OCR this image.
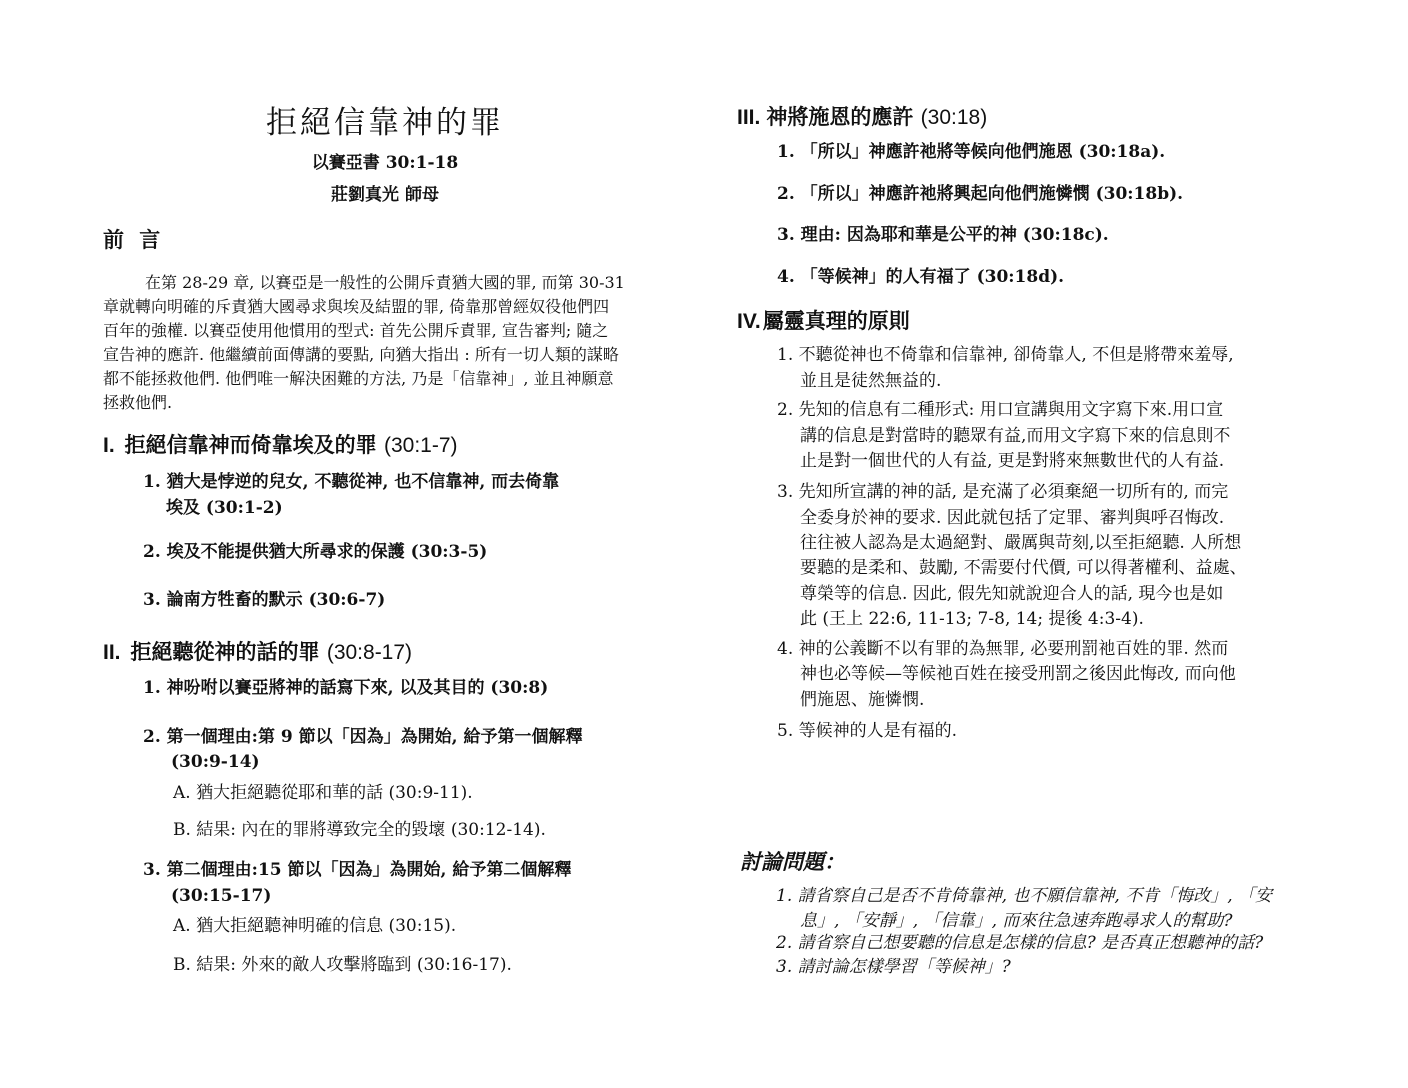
拒絕信靠神的罪
以賽亞書 30:1-18
莊劉真光 師母
前 言
在第 28-29 章, 以賽亞是一般性的公開斥責猶大國的罪, 而第 30-31
章就轉向明確的斥責猶大國尋求與埃及結盟的罪, 倚靠那曾經奴役他們四
百年的強權. 以賽亞使用他慣用的型式: 首先公開斥責罪, 宣告審判; 隨之
宣告神的應許. 他繼續前面傳講的要點, 向猶大指出 : 所有一切人類的謀略
都不能拯救他們. 他們唯一解決困難的方法, 乃是「信靠神」, 並且神願意
拯救他們.
I. 拒絕信靠神而倚靠埃及的罪 (30:1-7)
1. 猶大是悖逆的兒女, 不聽從神, 也不信靠神, 而去倚靠
埃及 (30:1-2)
2. 埃及不能提供猶大所尋求的保護 (30:3-5)
3. 論南方牲畜的默示 (30:6-7)
II. 拒絕聽從神的話的罪 (30:8-17)
1. 神吩咐以賽亞將神的話寫下來, 以及其目的 (30:8)
2. 第一個理由:第 9 節以「因為」為開始, 給予第一個解釋
(30:9-14)
A. 猶大拒絕聽從耶和華的話 (30:9-11).
B. 結果: 內在的罪將導致完全的毀壞 (30:12-14).
3. 第二個理由:15 節以「因為」為開始, 給予第二個解釋
(30:15-17)
A. 猶大拒絕聽神明確的信息 (30:15).
B. 結果: 外來的敵人攻擊將臨到 (30:16-17).
III. 神將施恩的應許 (30:18)
1. 「所以」神應許祂將等候向他們施恩 (30:18a).
2. 「所以」神應許祂將興起向他們施憐憫 (30:18b).
3. 理由: 因為耶和華是公平的神 (30:18c).
4. 「等候神」的人有福了 (30:18d).
IV.屬靈真理的原則
1. 不聽從神也不倚靠和信靠神, 卻倚靠人, 不但是將帶來羞辱,
並且是徒然無益的.
2. 先知的信息有二種形式: 用口宣講與用文字寫下來.用口宣
講的信息是對當時的聽眾有益,而用文字寫下來的信息則不
止是對一個世代的人有益, 更是對將來無數世代的人有益.
3. 先知所宣講的神的話, 是充滿了必須棄絕一切所有的, 而完
全委身於神的要求. 因此就包括了定罪、審判與呼召悔改.
往往被人認為是太過絕對、嚴厲與苛刻,以至拒絕聽. 人所想
要聽的是柔和、鼓勵, 不需要付代價, 可以得著權利、益處、
尊榮等的信息. 因此, 假先知就說迎合人的話, 現今也是如
此 (王上 22:6, 11-13; 7-8, 14; 提後 4:3-4).
4. 神的公義斷不以有罪的為無罪, 必要刑罰祂百姓的罪. 然而
神也必等候—等候祂百姓在接受刑罰之後因此悔改, 而向他
們施恩、施憐憫.
5. 等候神的人是有福的.
討論問題：
1. 請省察自己是否不肯倚靠神, 也不願信靠神, 不肯「悔改」, 「安
息」, 「安靜」, 「信靠」, 而來往急速奔跑尋求人的幫助?
2. 請省察自己想要聽的信息是怎樣的信息? 是否真正想聽神的話?
3. 請討論怎樣學習「等候神」?
